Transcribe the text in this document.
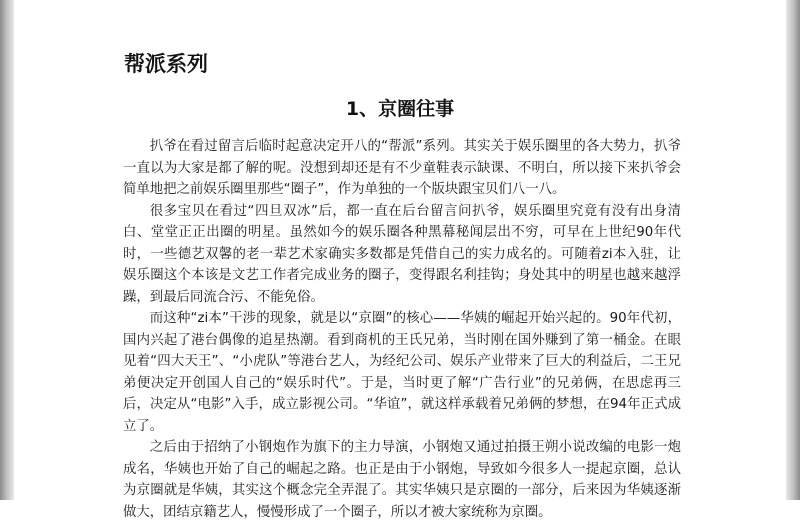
帮派系列
1、京圈往事

扒爷在看过留言后临时起意决定开八的“帮派”系列。其实关于娱乐圈里的各大势力，扒爷一直以为大家是都了解的呢。没想到却还是有不少童鞋表示缺课、不明白，所以接下来扒爷会简单地把之前娱乐圈里那些“圈子”，作为单独的一个版块跟宝贝们八一八。

很多宝贝在看过“四旦双冰”后，都一直在后台留言问扒爷，娱乐圈里究竟有没有出身清白、堂堂正正出圈的明星。虽然如今的娱乐圈各种黑幕秘闻层出不穷，可早在上世纪90年代时，一些德艺双馨的老一辈艺术家确实多数都是凭借自己的实力成名的。可随着zi本入驻，让娱乐圈这个本该是文艺工作者完成业务的圈子，变得跟名利挂钩；身处其中的明星也越来越浮躁，到最后同流合污、不能免俗。

而这种“zi本”干涉的现象，就是以“京圈”的核心——华姨的崛起开始兴起的。90年代初，国内兴起了港台偶像的追星热潮。看到商机的王氏兄弟，当时刚在国外赚到了第一桶金。在眼见着“四大天王”、“小虎队”等港台艺人，为经纪公司、娱乐产业带来了巨大的利益后，二王兄弟便决定开创国人自己的“娱乐时代”。于是，当时更了解“广告行业”的兄弟俩，在思虑再三后，决定从“电影”入手，成立影视公司。“华谊”，就这样承载着兄弟俩的梦想，在94年正式成立了。

之后由于招纳了小钢炮作为旗下的主力导演，小钢炮又通过拍摄王朔小说改编的电影一炮成名，华姨也开始了自己的崛起之路。也正是由于小钢炮，导致如今很多人一提起京圈，总认为京圈就是华姨，其实这个概念完全弄混了。其实华姨只是京圈的一部分，后来因为华姨逐渐做大，团结京籍艺人，慢慢形成了一个圈子，所以才被大家统称为京圈。
